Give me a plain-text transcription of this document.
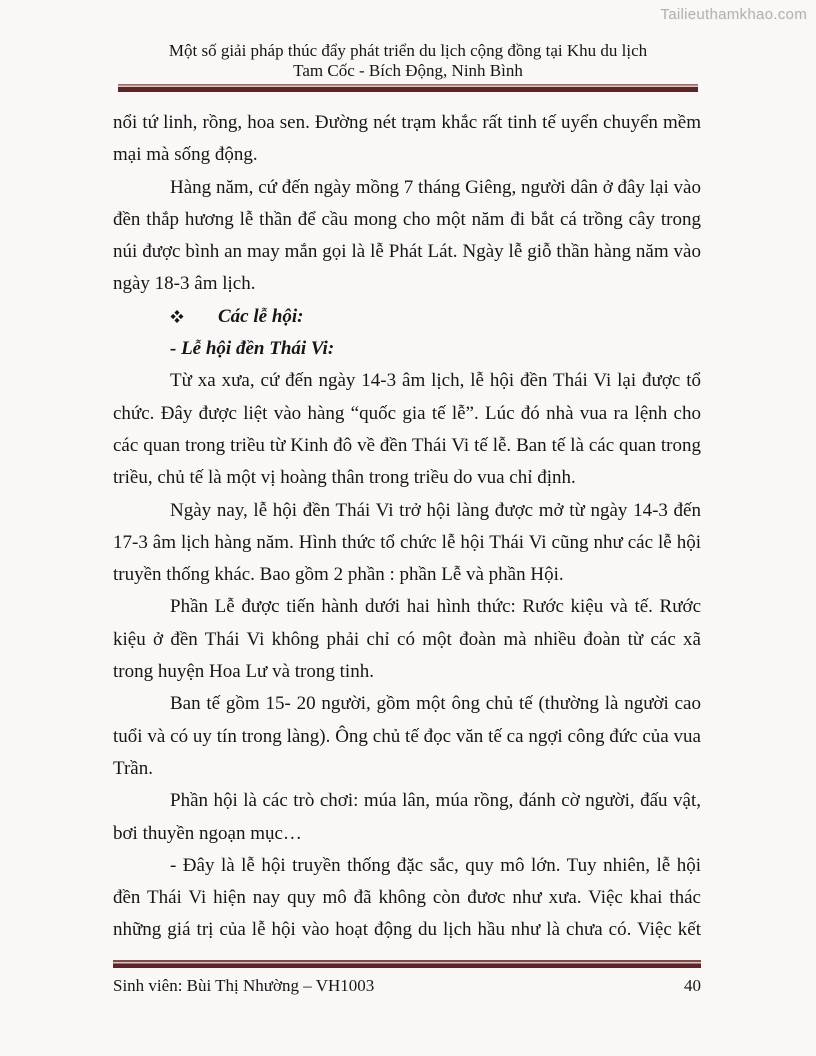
Tailieuthamkhao.com
Một số giải pháp thúc đẩy phát triển du lịch cộng đồng tại Khu du lịch
Tam Cốc - Bích Động, Ninh Bình

nổi tứ linh, rồng, hoa sen. Đường nét trạm khắc rất tinh tế uyển chuyển mềm mại mà sống động.

Hàng năm, cứ đến ngày mồng 7 tháng Giêng, người dân ở đây lại vào đền thắp hương lễ thần để cầu mong cho một năm đi bắt cá trồng cây trong núi được bình an may mắn gọi là lễ Phát Lát. Ngày lễ giỗ thần hàng năm vào ngày 18-3 âm lịch.

Các lễ hội:

- Lễ hội đền Thái Vi:

Từ xa xưa, cứ đến ngày 14-3 âm lịch, lễ hội đền Thái Vi lại được tổ chức. Đây được liệt vào hàng “quốc gia tế lễ”. Lúc đó nhà vua ra lệnh cho các quan trong triều từ Kinh đô về đền Thái Vi tế lễ. Ban tế là các quan trong triều, chủ tế là một vị hoàng thân trong triều do vua chỉ định.

Ngày nay, lễ hội đền Thái Vi trở hội làng được mở từ ngày 14-3 đến 17-3 âm lịch hàng năm. Hình thức tổ chức lễ hội Thái Vi cũng như các lễ hội truyền thống khác. Bao gồm 2 phần : phần Lễ và phần Hội.

Phần Lễ được tiến hành dưới hai hình thức: Rước kiệu và tế. Rước kiệu ở đền Thái Vi không phải chỉ có một đoàn mà nhiều đoàn từ các xã trong huyện Hoa Lư và trong tinh.

Ban tế gồm 15- 20 người, gồm một ông chủ tế (thường là người cao tuổi và có uy tín trong làng). Ông chủ tế đọc văn tế ca ngợi công đức của vua Trần.

Phần hội là các trò chơi: múa lân, múa rồng, đánh cờ người, đấu vật, bơi thuyền ngoạn mục…

- Đây là lễ hội truyền thống đặc sắc, quy mô lớn. Tuy nhiên, lễ hội đền Thái Vi hiện nay quy mô đã không còn đươc như xưa. Việc khai thác những giá trị của lễ hội vào hoạt động du lịch hầu như là chưa có. Việc kết

Sinh viên: Bùi Thị Nhường – VH1003	40
